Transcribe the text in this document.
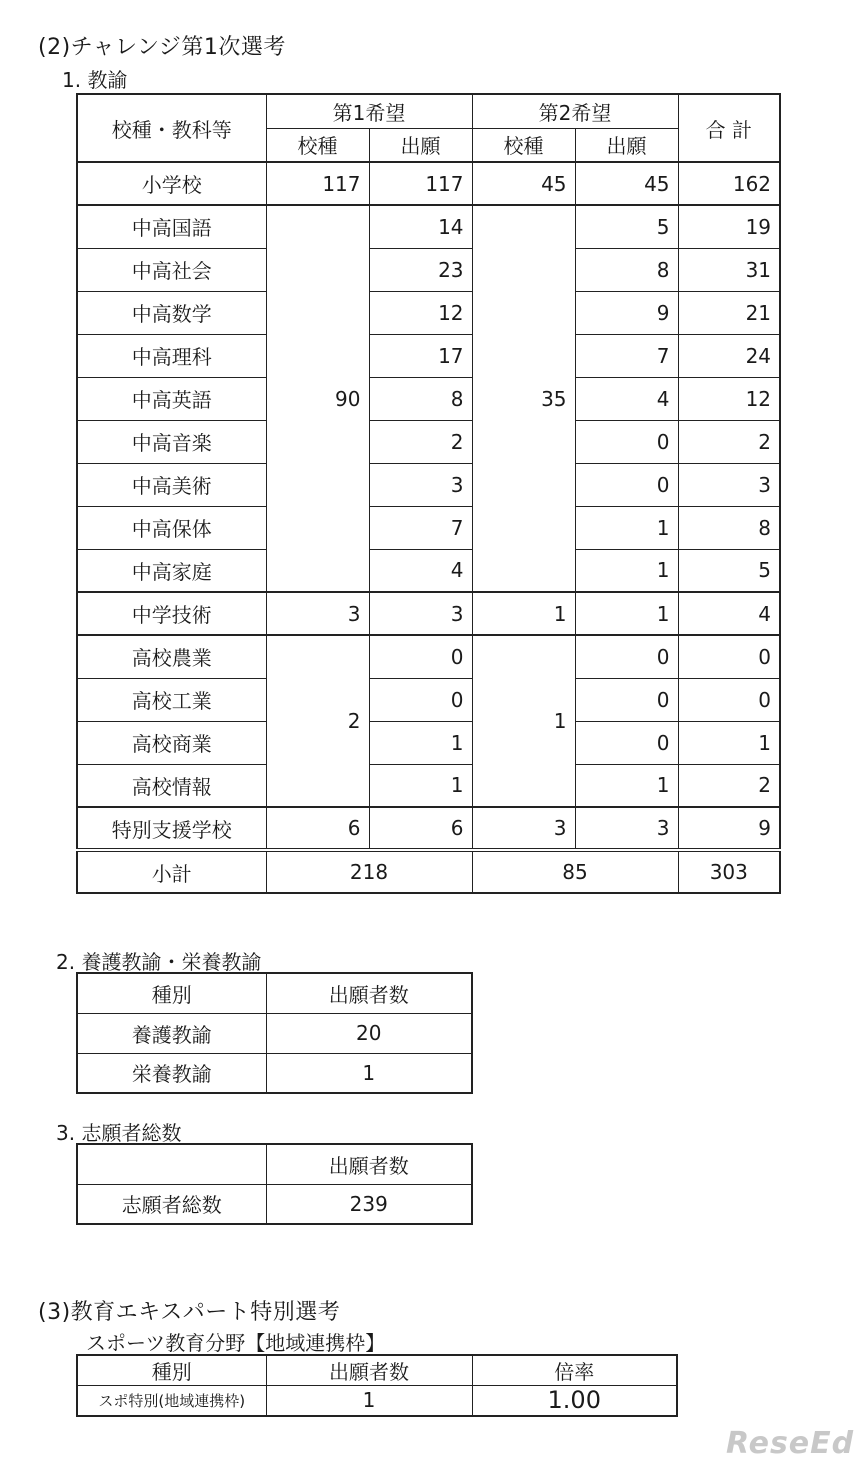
(2)チャレンジ第1次選考
1. 教諭
校種・教科等	第1希望		第2希望		合 計
	校種	出願	校種	出願	
小学校	117	117	45	45	162
中高国語	90	14	35	5	19
中高社会		23		8	31
中高数学		12		9	21
中高理科		17		7	24
中高英語		8		4	12
中高音楽		2		0	2
中高美術		3		0	3
中高保体		7		1	8
中高家庭		4		1	5
中学技術	3	3	1	1	4
高校農業	2	0	1	0	0
高校工業		0		0	0
高校商業		1		0	1
高校情報		1		1	2
特別支援学校	6	6	3	3	9
小計	218		85		303
2. 養護教諭・栄養教諭
種別	出願者数
養護教諭	20
栄養教諭	1
3. 志願者総数
	出願者数
志願者総数	239
(3)教育エキスパート特別選考
スポーツ教育分野【地域連携枠】
種別	出願者数	倍率
スポ特別(地域連携枠)	1	1.00
ReseEd
